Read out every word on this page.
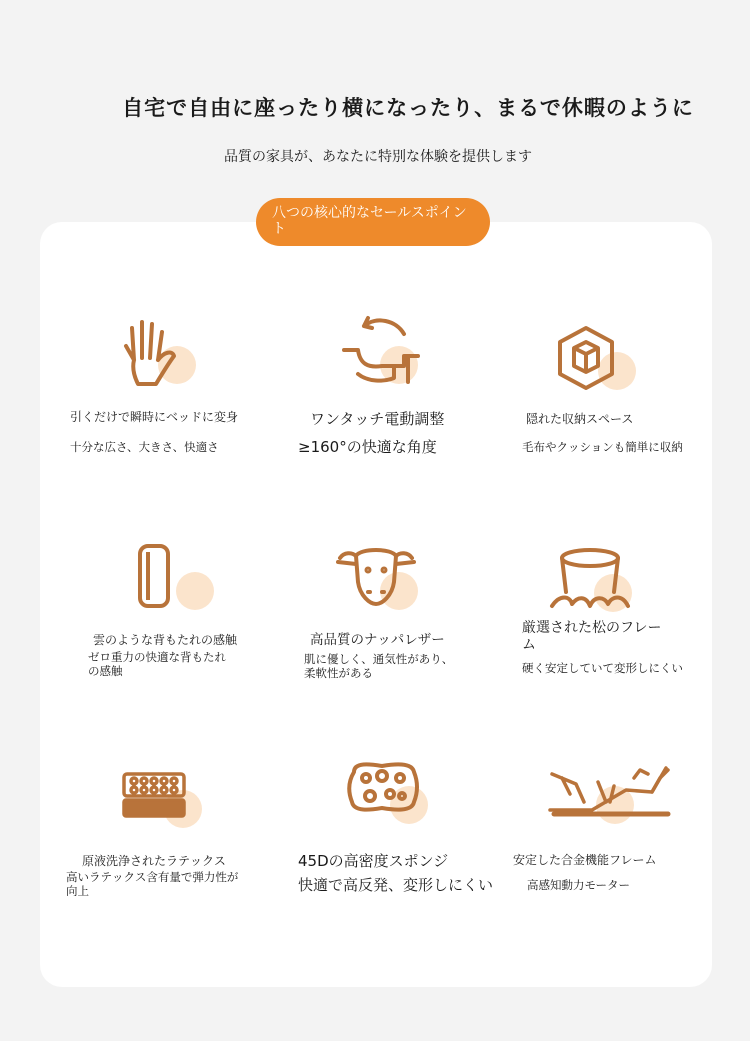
自宅で自由に座ったり横になったり、まるで休暇のように
品質の家具が、あなたに特別な体験を提供します
八つの核心的なセールスポイント
引くだけで瞬時にベッドに変身
十分な広さ、大きさ、快適さ
ワンタッチ電動調整
≥160°の快適な角度
隠れた収納スペース
毛布やクッションも簡単に収納
雲のような背もたれの感触
ゼロ重力の快適な背もたれの感触
高品質のナッパレザー
肌に優しく、通気性があり、柔軟性がある
厳選された松のフレーム
硬く安定していて変形しにくい
原液洗浄されたラテックス
高いラテックス含有量で弾力性が向上
45Dの高密度スポンジ
快適で高反発、変形しにくい
安定した合金機能フレーム
高感知動力モーター
